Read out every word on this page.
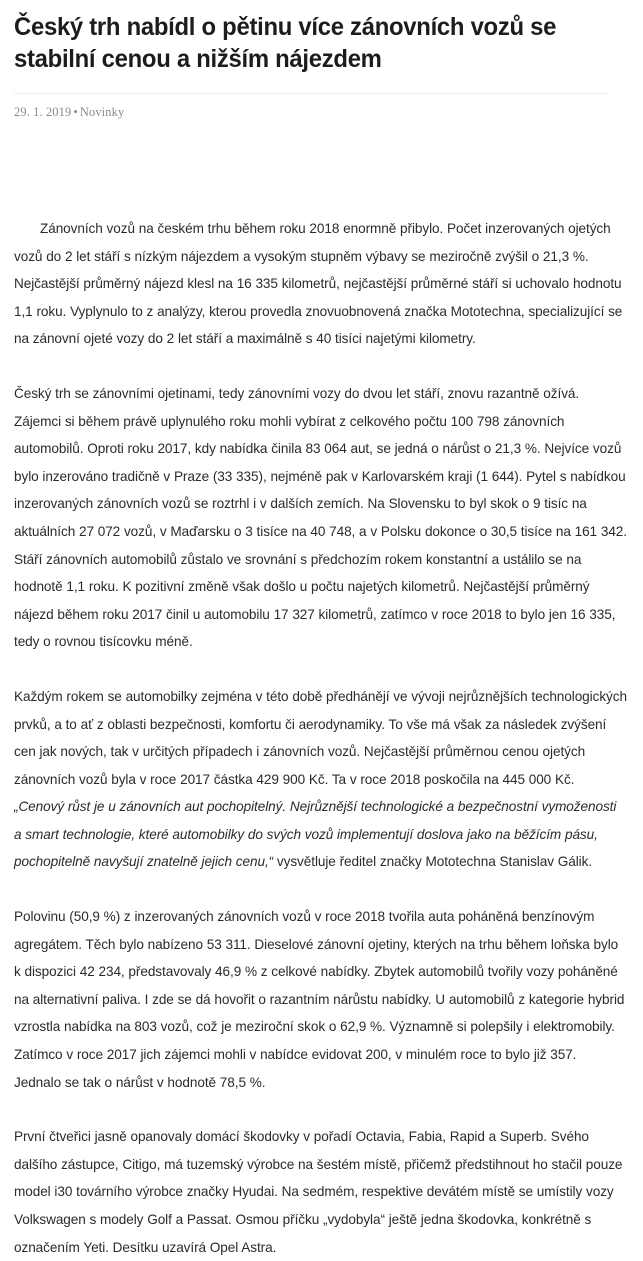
Český trh nabídl o pětinu více zánovních vozů se stabilní cenou a nižším nájezdem
29. 1. 2019 • Novinky

Zánovních vozů na českém trhu během roku 2018 enormně přibylo. Počet inzerovaných ojetých vozů do 2 let stáří s nízkým nájezdem a vysokým stupněm výbavy se meziročně zvýšil o 21,3 %. Nejčastější průměrný nájezd klesl na 16 335 kilometrů, nejčastější průměrné stáří si uchovalo hodnotu 1,1 roku. Vyplynulo to z analýzy, kterou provedla znovuobnovená značka Mototechna, specializující se na zánovní ojeté vozy do 2 let stáří a maximálně s 40 tisíci najetými kilometry.

Český trh se zánovními ojetinami, tedy zánovními vozy do dvou let stáří, znovu razantně ožívá. Zájemci si během právě uplynulého roku mohli vybírat z celkového počtu 100 798 zánovních automobilů. Oproti roku 2017, kdy nabídka činila 83 064 aut, se jedná o nárůst o 21,3 %. Nejvíce vozů bylo inzerováno tradičně v Praze (33 335), nejméně pak v Karlovarském kraji (1 644). Pytel s nabídkou inzerovaných zánovních vozů se roztrhl i v dalších zemích. Na Slovensku to byl skok o 9 tisíc na aktuálních 27 072 vozů, v Maďarsku o 3 tisíce na 40 748, a v Polsku dokonce o 30,5 tisíce na 161 342. Stáří zánovních automobilů zůstalo ve srovnání s předchozím rokem konstantní a ustálilo se na hodnotě 1,1 roku. K pozitivní změně však došlo u počtu najetých kilometrů. Nejčastější průměrný nájezd během roku 2017 činil u automobilu 17 327 kilometrů, zatímco v roce 2018 to bylo jen 16 335, tedy o rovnou tisícovku méně.

Každým rokem se automobilky zejména v této době předhánějí ve vývoji nejrůznějších technologických prvků, a to ať z oblasti bezpečnosti, komfortu či aerodynamiky. To vše má však za následek zvýšení cen jak nových, tak v určitých případech i zánovních vozů. Nejčastější průměrnou cenou ojetých zánovních vozů byla v roce 2017 částka 429 900 Kč. Ta v roce 2018 poskočila na 445 000 Kč. „Cenový růst je u zánovních aut pochopitelný. Nejrůznější technologické a bezpečnostní vymoženosti a smart technologie, které automobilky do svých vozů implementují doslova jako na běžícím pásu, pochopitelně navyšují znatelně jejich cenu,“ vysvětluje ředitel značky Mototechna Stanislav Gálik.

Polovinu (50,9 %) z inzerovaných zánovních vozů v roce 2018 tvořila auta poháněná benzínovým agregátem. Těch bylo nabízeno 53 311. Dieselové zánovní ojetiny, kterých na trhu během loňska bylo k dispozici 42 234, představovaly 46,9 % z celkové nabídky. Zbytek automobilů tvořily vozy poháněné na alternativní paliva. I zde se dá hovořit o razantním nárůstu nabídky. U automobilů z kategorie hybrid vzrostla nabídka na 803 vozů, což je meziroční skok o 62,9 %. Významně si polepšily i elektromobily. Zatímco v roce 2017 jich zájemci mohli v nabídce evidovat 200, v minulém roce to bylo již 357. Jednalo se tak o nárůst v hodnotě 78,5 %.

První čtveřici jasně opanovaly domácí škodovky v pořadí Octavia, Fabia, Rapid a Superb. Svého dalšího zástupce, Citigo, má tuzemský výrobce na šestém místě, přičemž předstihnout ho stačil pouze model i30 továrního výrobce značky Hyudai. Na sedmém, respektive devátém místě se umístily vozy Volkswagen s modely Golf a Passat. Osmou příčku „vydobyla“ ještě jedna škodovka, konkrétně s označením Yeti. Desítku uzavírá Opel Astra.
